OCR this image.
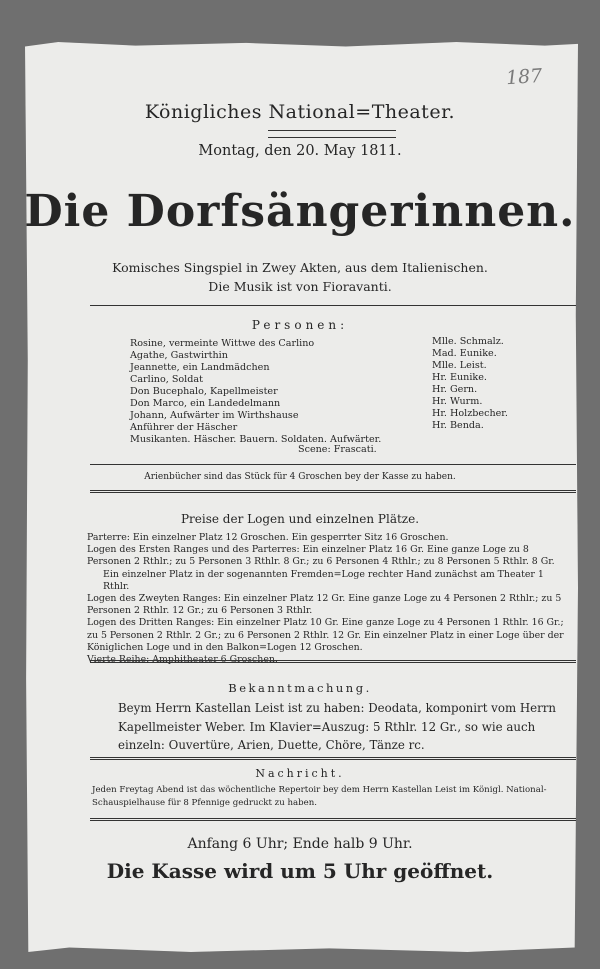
187
Königliches National=Theater.
Montag, den 20. May 1811.
Die Dorfsängerinnen.
Komisches Singspiel in Zwey Akten, aus dem Italienischen.
Die Musik ist von Fioravanti.
Personen:
Rosine, vermeinte Wittwe des Carlino	Mlle. Schmalz.
Agathe, Gastwirthin	Mad. Eunike.
Jeannette, ein Landmädchen	Mlle. Leist.
Carlino, Soldat	Hr. Eunike.
Don Bucephalo, Kapellmeister	Hr. Gern.
Don Marco, ein Landedelmann	Hr. Wurm.
Johann, Aufwärter im Wirthshause	Hr. Holzbecher.
Anführer der Häscher	Hr. Benda.
Musikanten. Häscher. Bauern. Soldaten. Aufwärter.
Scene: Frascati.
Arienbücher sind das Stück für 4 Groschen bey der Kasse zu haben.
Preise der Logen und einzelnen Plätze.

Parterre: Ein einzelner Platz 12 Groschen. Ein gesperrter Sitz 16 Groschen.

Logen des Ersten Ranges und des Parterres: Ein einzelner Platz 16 Gr. Eine ganze Loge zu 8 Personen 2 Rthlr.; zu 5 Personen 3 Rthlr. 8 Gr.; zu 6 Personen 4 Rthlr.; zu 8 Personen 5 Rthlr. 8 Gr.

Ein einzelner Platz in der sogenannten Fremden=Loge rechter Hand zunächst am Theater 1 Rthlr.

Logen des Zweyten Ranges: Ein einzelner Platz 12 Gr. Eine ganze Loge zu 4 Personen 2 Rthlr.; zu 5 Personen 2 Rthlr. 12 Gr.; zu 6 Personen 3 Rthlr.

Logen des Dritten Ranges: Ein einzelner Platz 10 Gr. Eine ganze Loge zu 4 Personen 1 Rthlr. 16 Gr.; zu 5 Personen 2 Rthlr. 2 Gr.; zu 6 Personen 2 Rthlr. 12 Gr. Ein einzelner Platz in einer Loge über der Königlichen Loge und in den Balkon=Logen 12 Groschen.

Vierte Reihe: Amphitheater 6 Groschen.

Bekanntmachung.
Beym Herrn Kastellan Leist ist zu haben: Deodata, komponirt vom Herrn Kapellmeister Weber. Im Klavier=Auszug: 5 Rthlr. 12 Gr., so wie auch einzeln: Ouvertüre, Arien, Duette, Chöre, Tänze rc.
Nachricht.
Jeden Freytag Abend ist das wöchentliche Repertoir bey dem Herrn Kastellan Leist im Königl. National-Schauspielhause für 8 Pfennige gedruckt zu haben.
Anfang 6 Uhr; Ende halb 9 Uhr.
Die Kasse wird um 5 Uhr geöffnet.
